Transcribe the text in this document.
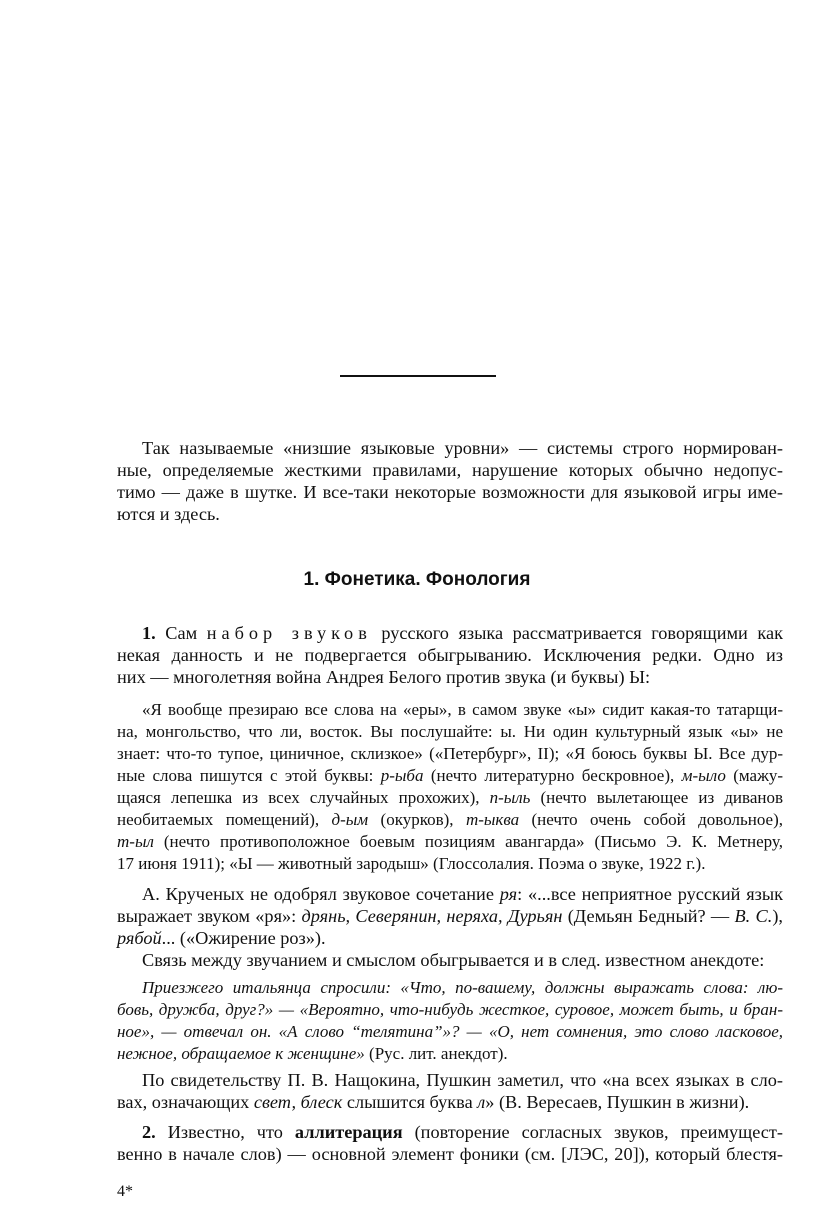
1. Фонетика. Фонология
Так называемые «низшие языковые уровни» — системы строго нормирован-
ные, определяемые жесткими правилами, нарушение которых обычно недопус-
тимо — даже в шутке. И все-таки некоторые возможности для языковой игры име-
ются и здесь.
1. Сам набор звуков русского языка рассматривается говорящими как
некая данность и не подвергается обыгрыванию. Исключения редки. Одно из
них — многолетняя война Андрея Белого против звука (и буквы) Ы:
«Я вообще презираю все слова на «еры», в самом звуке «ы» сидит какая-то татарщи-
на, монгольство, что ли, восток. Вы послушайте: ы. Ни один культурный язык «ы» не
знает: что-то тупое, циничное, склизкое» («Петербург», II); «Я боюсь буквы Ы. Все дур-
ные слова пишутся с этой буквы: р-ыба (нечто литературно бескровное), м-ыло (мажу-
щаяся лепешка из всех случайных прохожих), п-ыль (нечто вылетающее из диванов
необитаемых помещений), д-ым (окурков), т-ыква (нечто очень собой довольное),
т-ыл (нечто противоположное боевым позициям авангарда» (Письмо Э. К. Метнеру,
17 июня 1911); «Ы — животный зародыш» (Глоссолалия. Поэма о звуке, 1922 г.).
А. Крученых не одобрял звуковое сочетание ря: «...все неприятное русский язык
выражает звуком «ря»: дрянь, Северянин, неряха, Дурьян (Демьян Бедный? — В. С.),
рябой... («Ожирение роз»).
Связь между звучанием и смыслом обыгрывается и в след. известном анекдоте:
Приезжего итальянца спросили: «Что, по-вашему, должны выражать слова: лю-
бовь, дружба, друг?» — «Вероятно, что-нибудь жесткое, суровое, может быть, и бран-
ное», — отвечал он. «А слово “телятина”»? — «О, нет сомнения, это слово ласковое,
нежное, обращаемое к женщине» (Рус. лит. анекдот).
По свидетельству П. В. Нащокина, Пушкин заметил, что «на всех языках в сло-
вах, означающих свет, блеск слышится буква л» (В. Вересаев, Пушкин в жизни).
2. Известно, что аллитерация (повторение согласных звуков, преимущест-
венно в начале слов) — основной элемент фоники (см. [ЛЭС, 20]), который блестя-
4*
